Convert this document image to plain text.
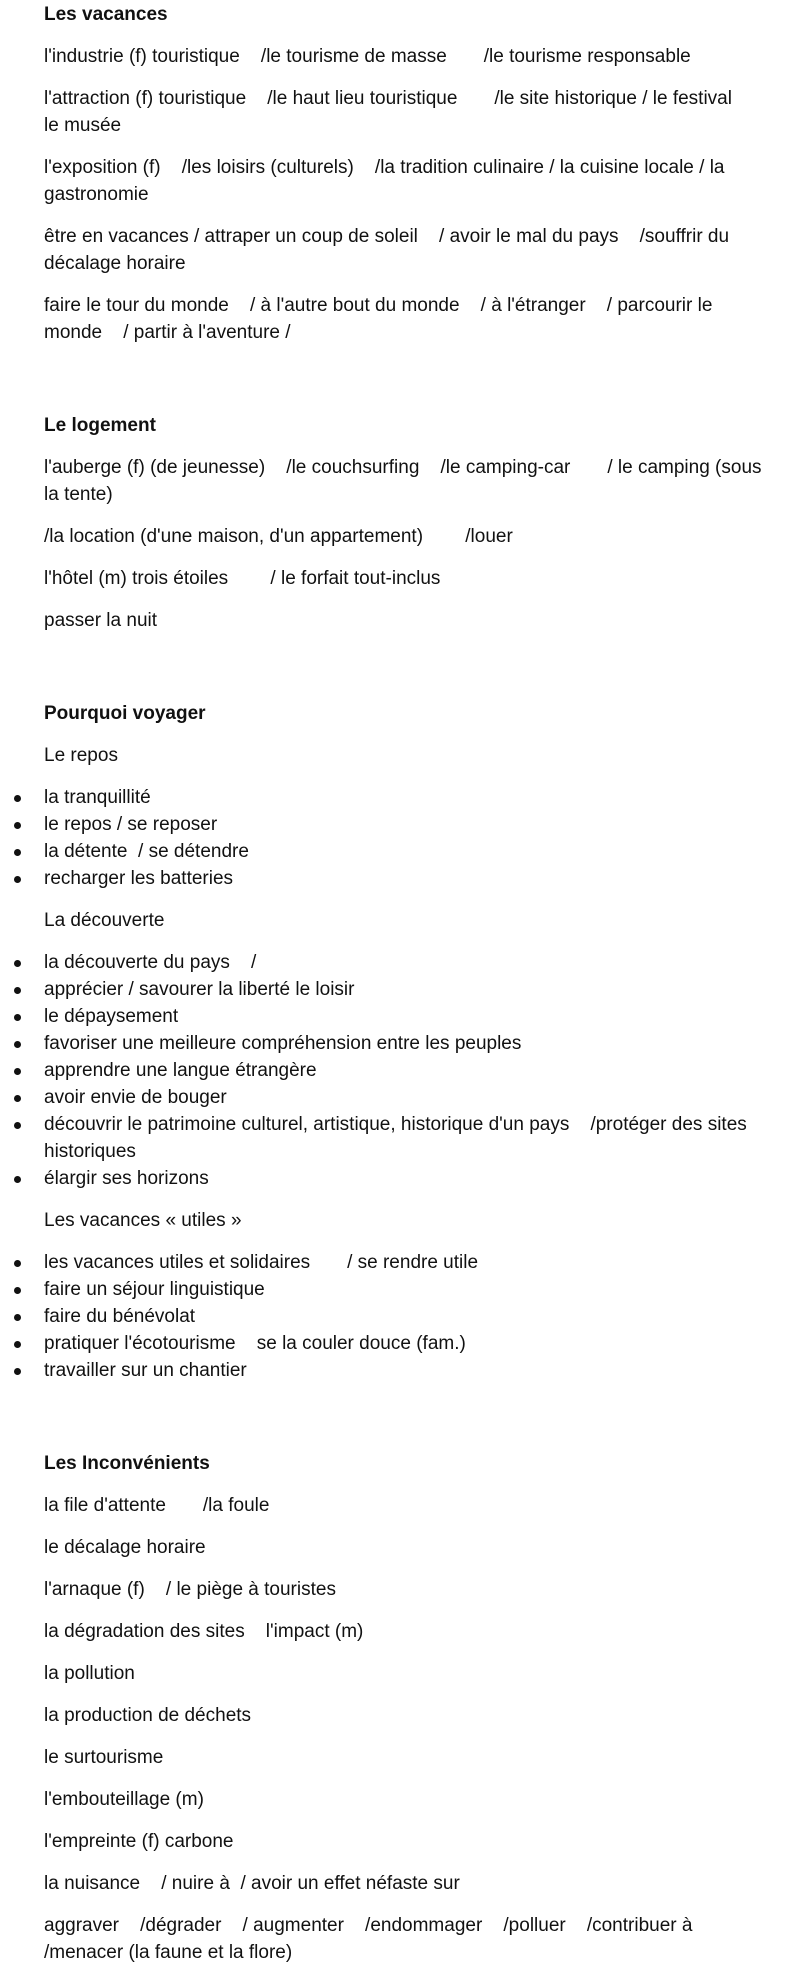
Les vacances

l'industrie (f) touristique    /le tourisme de masse       /le tourisme responsable

l'attraction (f) touristique    /le haut lieu touristique       /le site historique / le festival    le musée

l'exposition (f)    /les loisirs (culturels)    /la tradition culinaire / la cuisine locale / la gastronomie

être en vacances / attraper un coup de soleil    / avoir le mal du pays    /souffrir du décalage horaire

faire le tour du monde    / à l'autre bout du monde    / à l'étranger    / parcourir le monde    / partir à l'aventure /

Le logement

l'auberge (f) (de jeunesse)    /le couchsurfing    /le camping-car       / le camping (sous la tente)

/la location (d'une maison, d'un appartement)        /louer

l'hôtel (m) trois étoiles        / le forfait tout-inclus

passer la nuit

Pourquoi voyager

Le repos

la tranquillité
le repos / se reposer
la détente  / se détendre
recharger les batteries

La découverte

la découverte du pays    /
apprécier / savourer la liberté le loisir
le dépaysement
favoriser une meilleure compréhension entre les peuples
apprendre une langue étrangère
avoir envie de bouger
découvrir le patrimoine culturel, artistique, historique d'un pays    /protéger des sites historiques
élargir ses horizons

Les vacances « utiles »

les vacances utiles et solidaires       / se rendre utile
faire un séjour linguistique
faire du bénévolat
pratiquer l'écotourisme    se la couler douce (fam.)
travailler sur un chantier

Les Inconvénients

la file d'attente       /la foule

le décalage horaire

l'arnaque (f)    / le piège à touristes

la dégradation des sites    l'impact (m)

la pollution

la production de déchets

le surtourisme

l'embouteillage (m)

l'empreinte (f) carbone

la nuisance    / nuire à  / avoir un effet néfaste sur

aggraver    /dégrader    / augmenter    /endommager    /polluer    /contribuer à /menacer (la faune et la flore)
